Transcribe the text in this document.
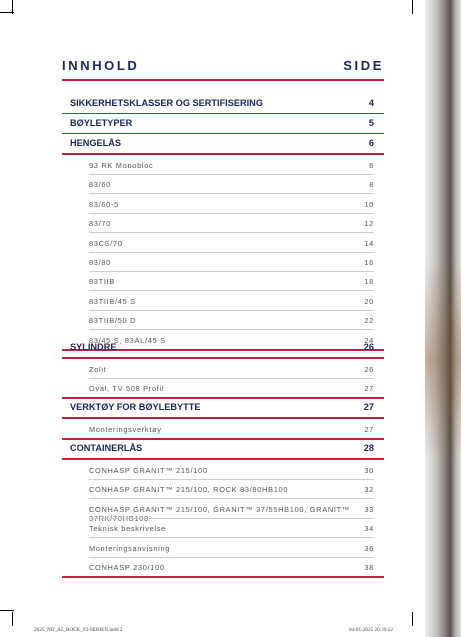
INNHOLD	SIDE
SIKKERHETSKLASSER OG SERTIFISERING	4
BØYLETYPER	5
HENGELÅS	6
93 RK Monobloc	6
83/60	8
83/60-5	10
83/70	12
83CS/70	14
83/80	16
83TIIB	18
83TIIB/45 S	20
83TIIB/50 D	22
83/45 S, 83AL/45 S	24
SYLINDRE	26
Zolit	26
Oval, TV 508 Profil	27
VERKTØY FOR BØYLEBYTTE	27
Monteringsverktøy	27
CONTAINERLÅS	28
CONHASP GRANIT™ 215/100	30
CONHASP GRANIT™ 215/100, ROCK 83/80HB100	32
CONHASP GRANIT™ 215/100, GRANIT™ 37/55HB100, GRANIT™ 33
Teknisk beskrivelse	34
Monteringsanvisning	36
CONHASP 230/100	38
2025_NO_A5_ROCK_83-SERIEN.indd 2	04-01-2025 20:39:22
